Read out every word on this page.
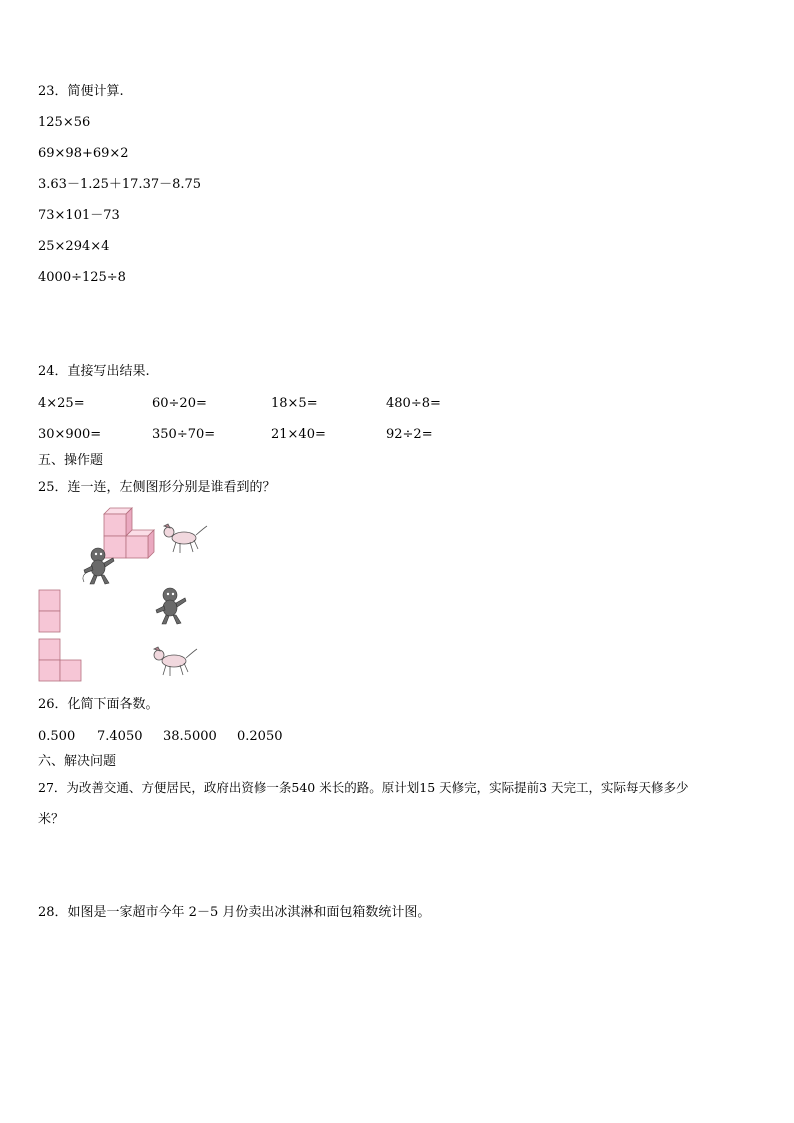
23．简便计算.
125×56
69×98+69×2
3.63－1.25＋17.37－8.75
73×101－73
25×294×4
4000÷125÷8
24．直接写出结果.
4×25=	60÷20=	18×5=	480÷8=
30×900=	350÷70=	21×40=	92÷2=
五、操作题
25．连一连，左侧图形分别是谁看到的？
26．化简下面各数。
0.500 7.4050 38.5000 0.2050
六、解决问题
27．为改善交通、方便居民，政府出资修一条540 米长的路。原计划15 天修完，实际提前3 天完工，实际每天修多少
米？
28．如图是一家超市今年 2－5 月份卖出冰淇淋和面包箱数统计图。
